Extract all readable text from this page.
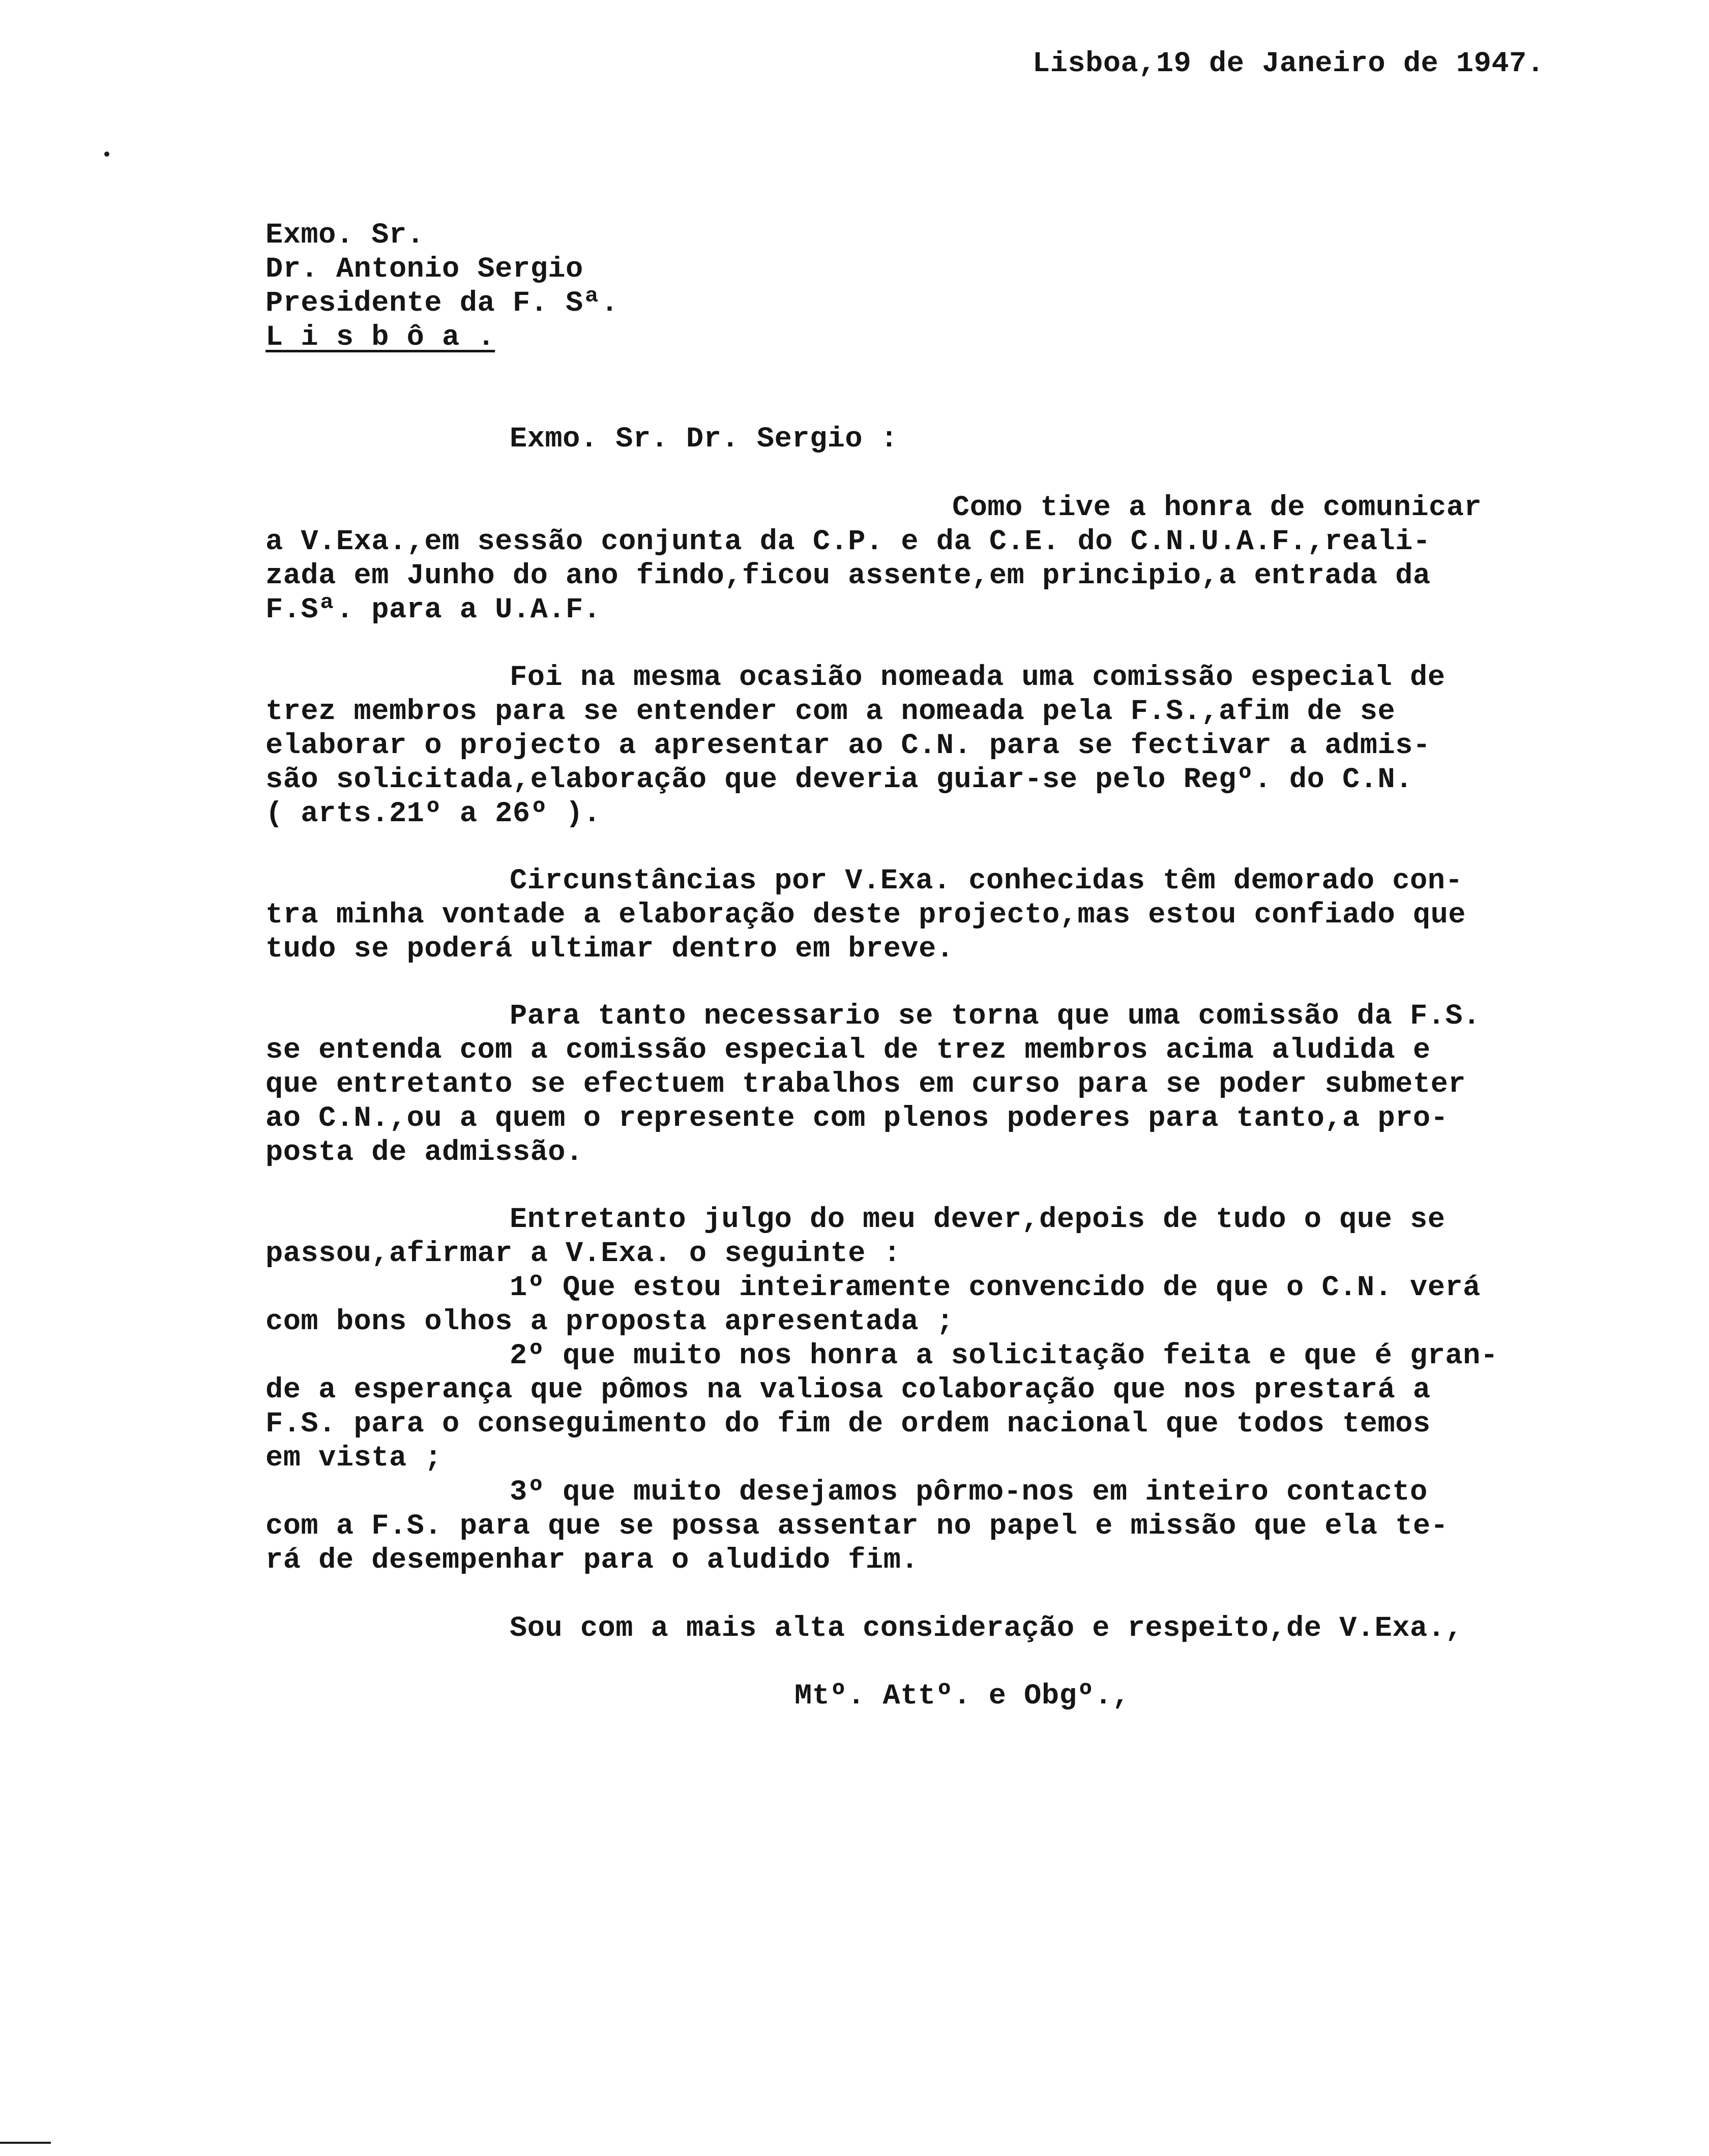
Lisboa,19 de Janeiro de 1947.
Exmo. Sr.
Dr. Antonio Sergio
Presidente da F. Sª.
L i s b ô a .
Exmo. Sr. Dr. Sergio :
Como tive a honra de comunicar
a V.Exa.,em sessão conjunta da C.P. e da C.E. do C.N.U.A.F.,reali-
zada em Junho do ano findo,ficou assente,em principio,a entrada da
F.Sª. para a U.A.F.
Foi na mesma ocasião nomeada uma comissão especial de
trez membros para se entender com a nomeada pela F.S.,afim de se
elaborar o projecto a apresentar ao C.N. para se fectivar a admis-
são solicitada,elaboração que deveria guiar-se pelo Regº. do C.N.
( arts.21º a 26º ).
Circunstâncias por V.Exa. conhecidas têm demorado con-
tra minha vontade a elaboração deste projecto,mas estou confiado que
tudo se poderá ultimar dentro em breve.
Para tanto necessario se torna que uma comissão da F.S.
se entenda com a comissão especial de trez membros acima aludida e
que entretanto se efectuem trabalhos em curso para se poder submeter
ao C.N.,ou a quem o represente com plenos poderes para tanto,a pro-
posta de admissão.
Entretanto julgo do meu dever,depois de tudo o que se
passou,afirmar a V.Exa. o seguinte :
1º Que estou inteiramente convencido de que o C.N. verá
com bons olhos a proposta apresentada ;
2º que muito nos honra a solicitação feita e que é gran-
de a esperança que pômos na valiosa colaboração que nos prestará a
F.S. para o conseguimento do fim de ordem nacional que todos temos
em vista ;
3º que muito desejamos pôrmo-nos em inteiro contacto
com a F.S. para que se possa assentar no papel e missão que ela te-
rá de desempenhar para o aludido fim.
Sou com a mais alta consideração e respeito,de V.Exa.,
Mtº. Attº. e Obgº.,
